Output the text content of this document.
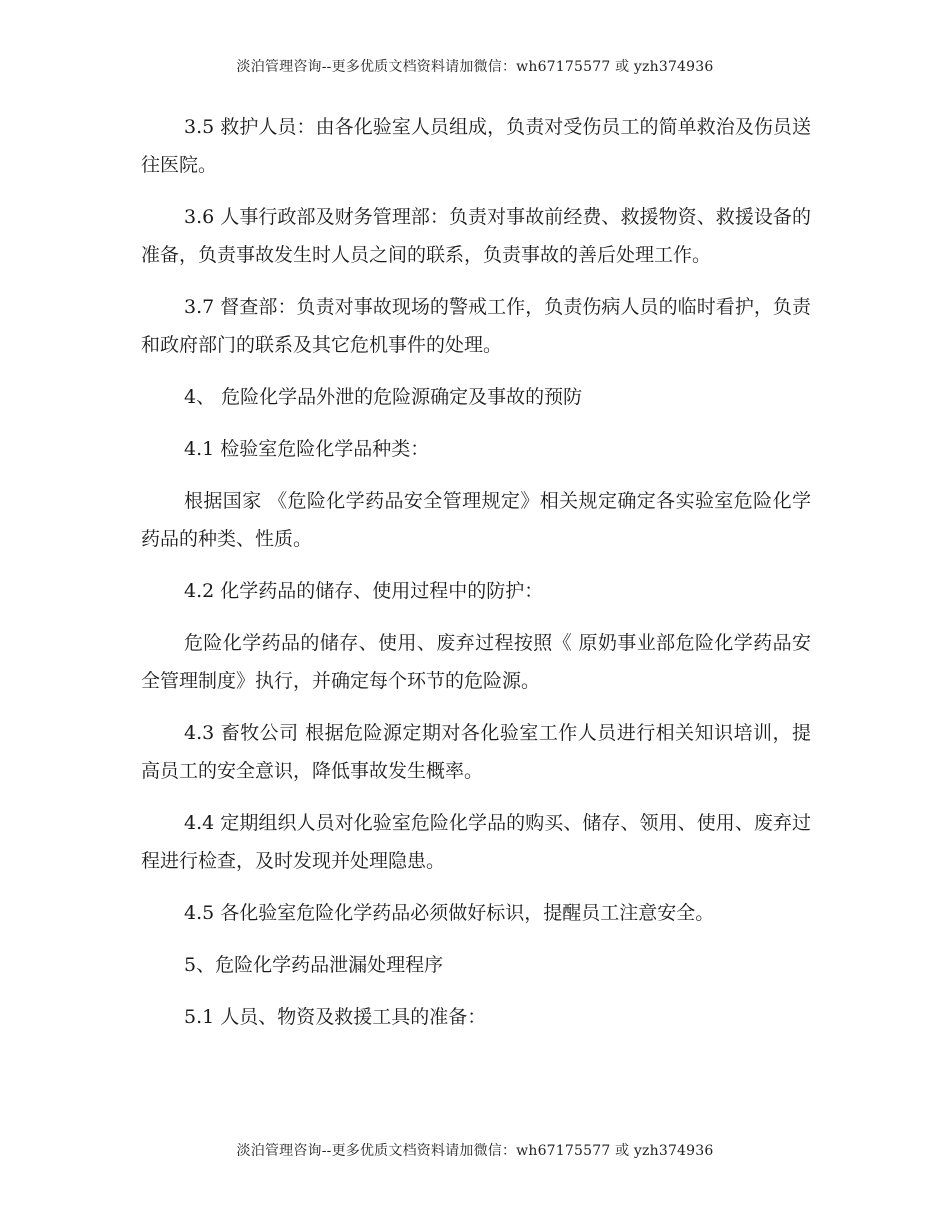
淡泊管理咨询--更多优质文档资料请加微信：wh67175577 或 yzh374936

3.5 救护人员：由各化验室人员组成，负责对受伤员工的简单救治及伤员送往医院。

3.6 人事行政部及财务管理部：负责对事故前经费、救援物资、救援设备的准备，负责事故发生时人员之间的联系，负责事故的善后处理工作。

3.7 督查部：负责对事故现场的警戒工作，负责伤病人员的临时看护，负责和政府部门的联系及其它危机事件的处理。

4、 危险化学品外泄的危险源确定及事故的预防

4.1 检验室危险化学品种类：

根据国家 《危险化学药品安全管理规定》相关规定确定各实验室危险化学药品的种类、性质。

4.2 化学药品的储存、使用过程中的防护：

危险化学药品的储存、使用、废弃过程按照《 原奶事业部危险化学药品安全管理制度》执行，并确定每个环节的危险源。

4.3 畜牧公司 根据危险源定期对各化验室工作人员进行相关知识培训，提高员工的安全意识，降低事故发生概率。

4.4 定期组织人员对化验室危险化学品的购买、储存、领用、使用、废弃过程进行检查，及时发现并处理隐患。

4.5 各化验室危险化学药品必须做好标识，提醒员工注意安全。

5、危险化学药品泄漏处理程序

5.1 人员、物资及救援工具的准备：

淡泊管理咨询--更多优质文档资料请加微信：wh67175577 或 yzh374936
